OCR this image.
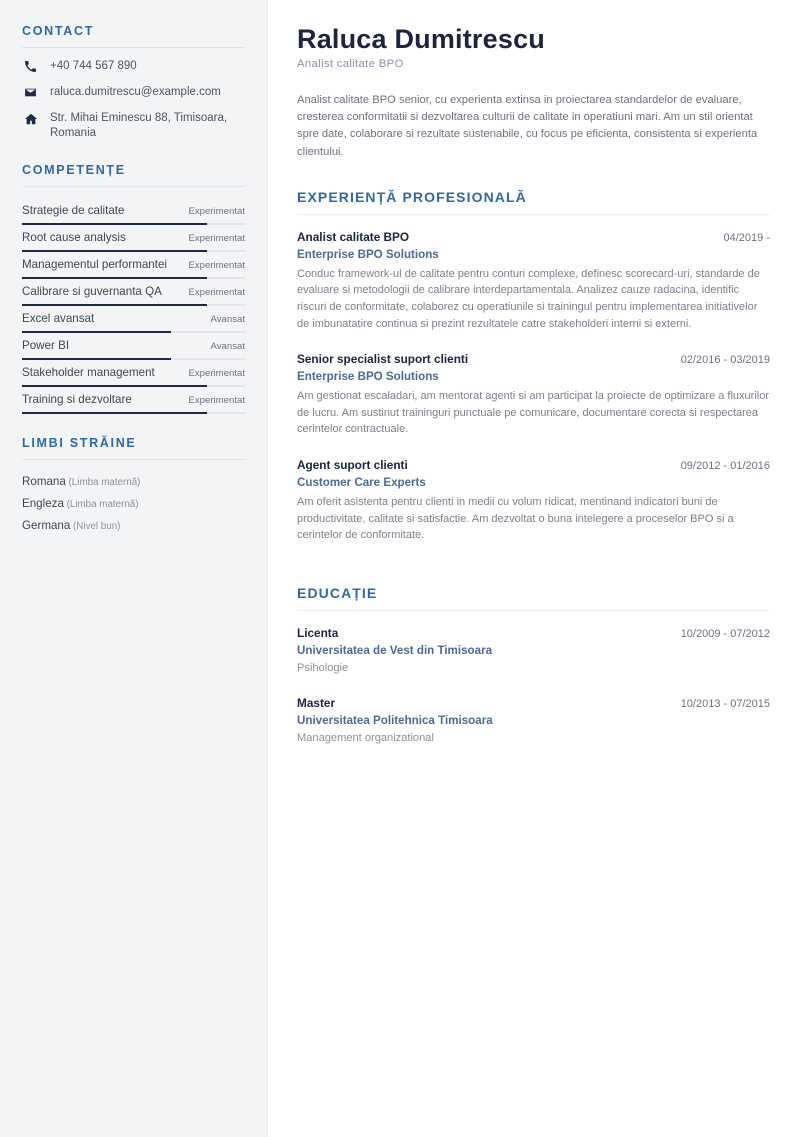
CONTACT
+40 744 567 890
raluca.dumitrescu@example.com
Str. Mihai Eminescu 88, Timisoara, Romania
COMPETENȚE
Strategie de calitate	Experimentat
Root cause analysis	Experimentat
Managementul performantei	Experimentat
Calibrare si guvernanta QA	Experimentat
Excel avansat	Avansat
Power BI	Avansat
Stakeholder management	Experimentat
Training si dezvoltare	Experimentat
LIMBI STRĂINE
Romana (Limba maternă)
Engleza (Limba maternă)
Germana (Nivel bun)
Raluca Dumitrescu
Analist calitate BPO

Analist calitate BPO senior, cu experienta extinsa in proiectarea standardelor de evaluare, cresterea conformitatii si dezvoltarea culturii de calitate in operatiuni mari. Am un stil orientat spre date, colaborare si rezultate sustenabile, cu focus pe eficienta, consistenta si experienta clientului.

EXPERIENȚĂ PROFESIONALĂ
Analist calitate BPO	04/2019 -
Enterprise BPO Solutions
Conduc framework-ul de calitate pentru conturi complexe, definesc scorecard-uri, standarde de evaluare si metodologii de calibrare interdepartamentala. Analizez cauze radacina, identific riscuri de conformitate, colaborez cu operatiunile si trainingul pentru implementarea initiativelor de imbunatatire continua si prezint rezultatele catre stakeholderi interni si externi.
Senior specialist suport clienti	02/2016 - 03/2019
Enterprise BPO Solutions
Am gestionat escaladari, am mentorat agenti si am participat la proiecte de optimizare a fluxurilor de lucru. Am sustinut traininguri punctuale pe comunicare, documentare corecta si respectarea cerintelor contractuale.
Agent suport clienti	09/2012 - 01/2016
Customer Care Experts
Am oferit asistenta pentru clienti in medii cu volum ridicat, mentinand indicatori buni de productivitate, calitate si satisfactie. Am dezvoltat o buna intelegere a proceselor BPO si a cerintelor de conformitate.
EDUCAȚIE
Licenta	10/2009 - 07/2012
Universitatea de Vest din Timisoara
Psihologie
Master	10/2013 - 07/2015
Universitatea Politehnica Timisoara
Management organizational
